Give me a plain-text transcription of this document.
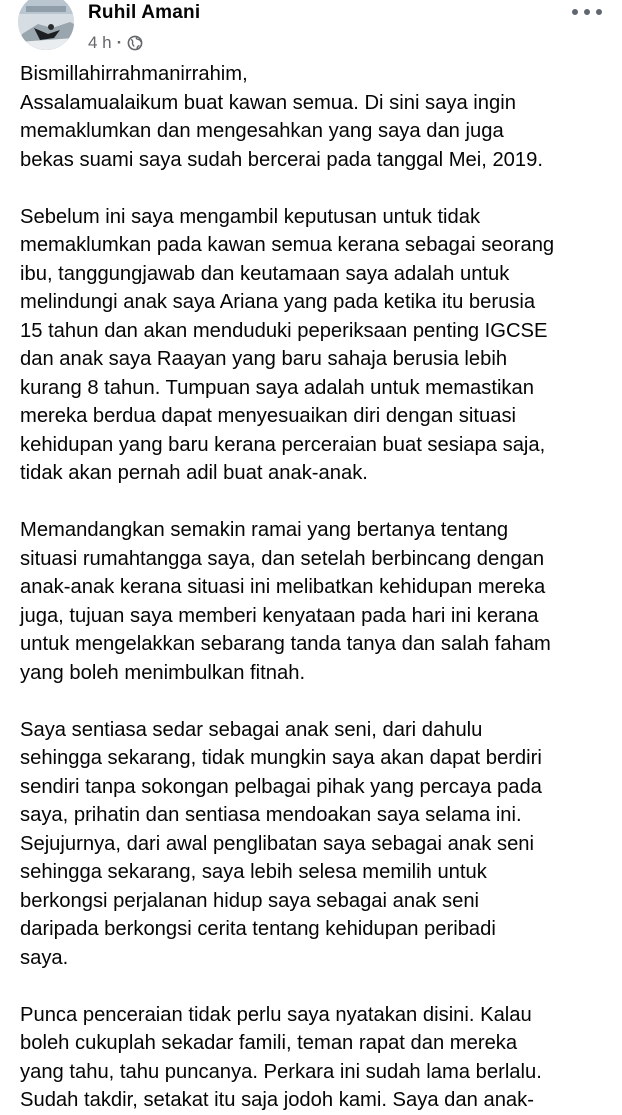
Ruhil Amani
4 h ·

Bismillahirrahmanirrahim,
Assalamualaikum buat kawan semua. Di sini saya ingin
memaklumkan dan mengesahkan yang saya dan juga
bekas suami saya sudah bercerai pada tanggal Mei, 2019.

Sebelum ini saya mengambil keputusan untuk tidak
memaklumkan pada kawan semua kerana sebagai seorang
ibu, tanggungjawab dan keutamaan saya adalah untuk
melindungi anak saya Ariana yang pada ketika itu berusia
15 tahun dan akan menduduki peperiksaan penting IGCSE
dan anak saya Raayan yang baru sahaja berusia lebih
kurang 8 tahun. Tumpuan saya adalah untuk memastikan
mereka berdua dapat menyesuaikan diri dengan situasi
kehidupan yang baru kerana perceraian buat sesiapa saja,
tidak akan pernah adil buat anak-anak.

Memandangkan semakin ramai yang bertanya tentang
situasi rumahtangga saya, dan setelah berbincang dengan
anak-anak kerana situasi ini melibatkan kehidupan mereka
juga, tujuan saya memberi kenyataan pada hari ini kerana
untuk mengelakkan sebarang tanda tanya dan salah faham
yang boleh menimbulkan fitnah.

Saya sentiasa sedar sebagai anak seni, dari dahulu
sehingga sekarang, tidak mungkin saya akan dapat berdiri
sendiri tanpa sokongan pelbagai pihak yang percaya pada
saya, prihatin dan sentiasa mendoakan saya selama ini.
Sejujurnya, dari awal penglibatan saya sebagai anak seni
sehingga sekarang, saya lebih selesa memilih untuk
berkongsi perjalanan hidup saya sebagai anak seni
daripada berkongsi cerita tentang kehidupan peribadi
saya.

Punca penceraian tidak perlu saya nyatakan disini. Kalau
boleh cukuplah sekadar famili, teman rapat dan mereka
yang tahu, tahu puncanya. Perkara ini sudah lama berlalu.
Sudah takdir, setakat itu saja jodoh kami. Saya dan anak-
